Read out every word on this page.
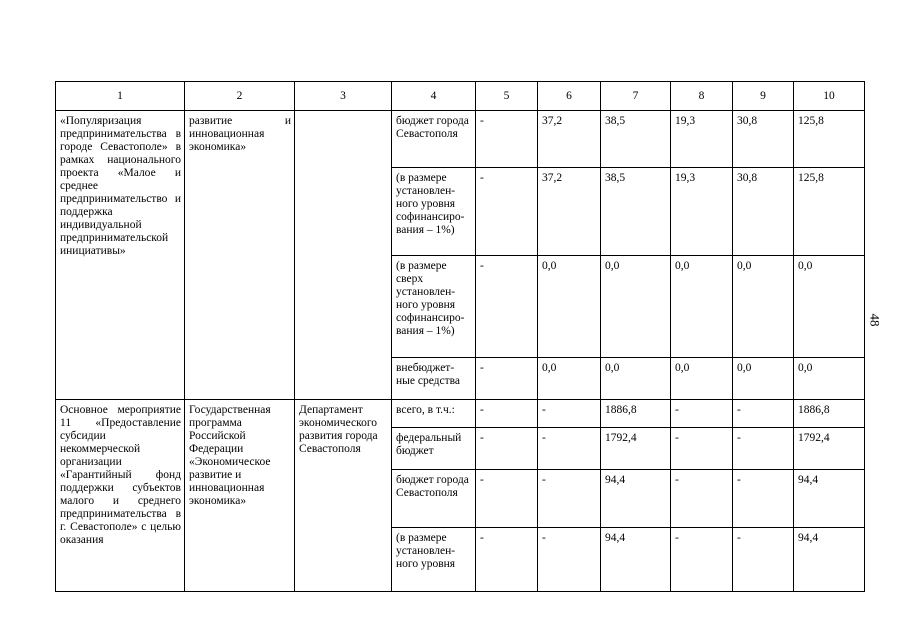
1	2	3	4	5	6	7	8	9	10
«Популяризация предпринимательства в городе Севастополе» в рамках национального проекта «Малое и среднее предпринимательство и поддержка индивидуальной предпринимательской инициативы»	развитие и инновационная экономика»		бюджет города Севастополя	-	37,2	38,5	19,3	30,8	125,8
			(в размере установлен-ного уровня софинансиро-вания – 1%)	-	37,2	38,5	19,3	30,8	125,8
			(в размере сверх установлен-ного уровня софинансиро-вания – 1%)	-	0,0	0,0	0,0	0,0	0,0
			внебюджет-ные средства	-	0,0	0,0	0,0	0,0	0,0
Основное мероприятие 11 «Предоставление субсидии некоммерческой организации «Гарантийный фонд поддержки субъектов малого и среднего предпринимательства в г. Севастополе» с целью оказания	Государственная программа Российской Федерации «Экономическое развитие и инновационная экономика»	Департамент экономического развития города Севастополя	всего, в т.ч.:	-	-	1886,8	-	-	1886,8
			федеральный бюджет	-	-	1792,4	-	-	1792,4
			бюджет города Севастополя	-	-	94,4	-	-	94,4
			(в размере установлен-ного уровня	-	-	94,4	-	-	94,4
48
